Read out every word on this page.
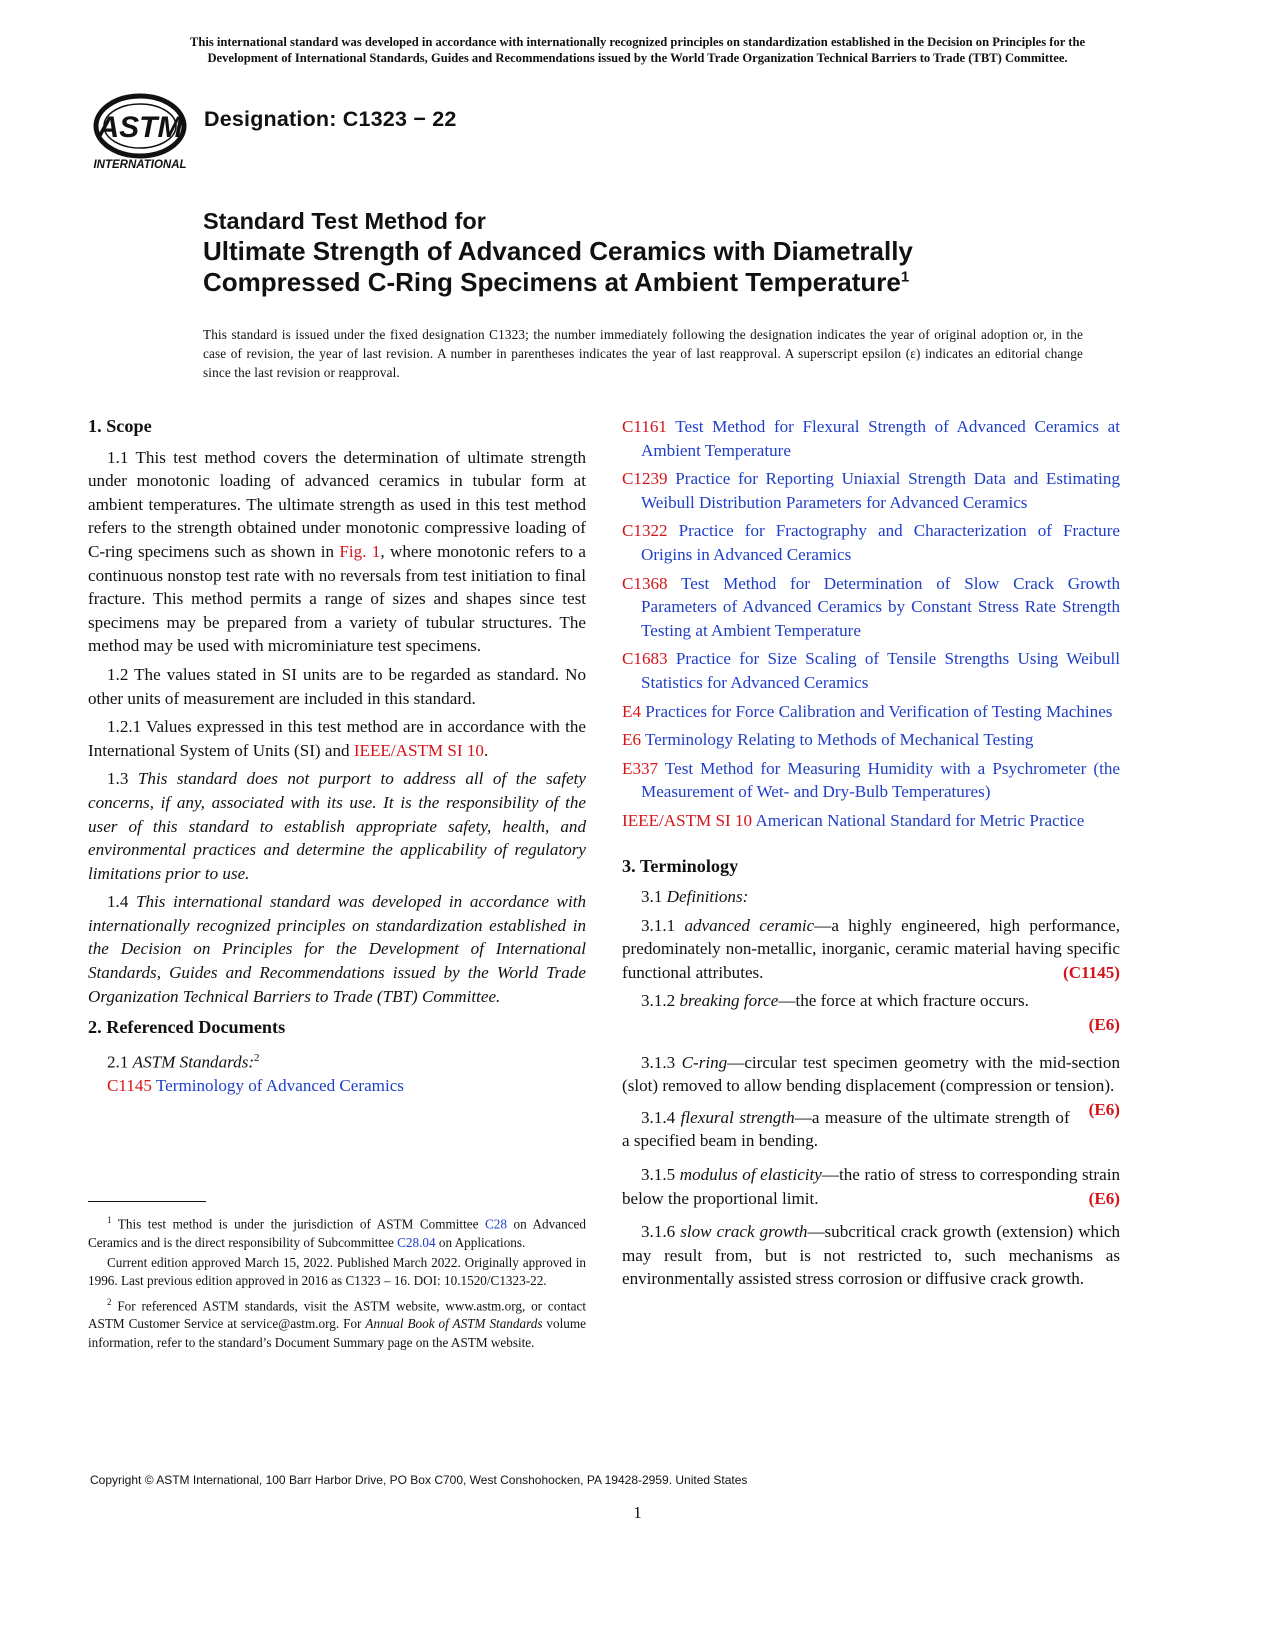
This international standard was developed in accordance with internationally recognized principles on standardization established in the Decision on Principles for the
Development of International Standards, Guides and Recommendations issued by the World Trade Organization Technical Barriers to Trade (TBT) Committee.
ASTM
INTERNATIONAL
Designation: C1323 − 22
Standard Test Method for
Ultimate Strength of Advanced Ceramics with Diametrally
Compressed C-Ring Specimens at Ambient Temperature$^1$
This standard is issued under the fixed designation C1323; the number immediately following the designation indicates the year of original adoption or, in the case of revision, the year of last revision. A number in parentheses indicates the year of last reapproval. A superscript epsilon (ε) indicates an editorial change since the last revision or reapproval.
1. Scope

1.1 This test method covers the determination of ultimate strength under monotonic loading of advanced ceramics in tubular form at ambient temperatures. The ultimate strength as used in this test method refers to the strength obtained under monotonic compressive loading of C-ring specimens such as shown in Fig. 1, where monotonic refers to a continuous nonstop test rate with no reversals from test initiation to final fracture. This method permits a range of sizes and shapes since test specimens may be prepared from a variety of tubular structures. The method may be used with microminiature test specimens.

1.2 The values stated in SI units are to be regarded as standard. No other units of measurement are included in this standard.

1.2.1 Values expressed in this test method are in accordance with the International System of Units (SI) and IEEE/ASTM SI 10.

1.3 This standard does not purport to address all of the safety concerns, if any, associated with its use. It is the responsibility of the user of this standard to establish appropriate safety, health, and environmental practices and determine the applicability of regulatory limitations prior to use.

1.4 This international standard was developed in accordance with internationally recognized principles on standardization established in the Decision on Principles for the Development of International Standards, Guides and Recommendations issued by the World Trade Organization Technical Barriers to Trade (TBT) Committee.

2. Referenced Documents

2.1 ASTM Standards:$^2$

C1145 Terminology of Advanced Ceramics

$^1$ This test method is under the jurisdiction of ASTM Committee C28 on Advanced Ceramics and is the direct responsibility of Subcommittee C28.04 on Applications.

Current edition approved March 15, 2022. Published March 2022. Originally approved in 1996. Last previous edition approved in 2016 as C1323 – 16. DOI: 10.1520/C1323-22.

$^2$ For referenced ASTM standards, visit the ASTM website, www.astm.org, or contact ASTM Customer Service at service@astm.org. For Annual Book of ASTM Standards volume information, refer to the standard’s Document Summary page on the ASTM website.

C1161 Test Method for Flexural Strength of Advanced Ceramics at Ambient Temperature

C1239 Practice for Reporting Uniaxial Strength Data and Estimating Weibull Distribution Parameters for Advanced Ceramics

C1322 Practice for Fractography and Characterization of Fracture Origins in Advanced Ceramics

C1368 Test Method for Determination of Slow Crack Growth Parameters of Advanced Ceramics by Constant Stress Rate Strength Testing at Ambient Temperature

C1683 Practice for Size Scaling of Tensile Strengths Using Weibull Statistics for Advanced Ceramics

E4 Practices for Force Calibration and Verification of Testing Machines

E6 Terminology Relating to Methods of Mechanical Testing

E337 Test Method for Measuring Humidity with a Psychrometer (the Measurement of Wet- and Dry-Bulb Temperatures)

IEEE/ASTM SI 10 American National Standard for Metric Practice

3. Terminology

3.1 Definitions:

3.1.1 advanced ceramic—a highly engineered, high performance, predominately non-metallic, inorganic, ceramic material having specific functional attributes.	(C1145)

3.1.2 breaking force—the force at which fracture occurs.

(E6)

3.1.3 C-ring—circular test specimen geometry with the mid-section (slot) removed to allow bending displacement (compression or tension).
(E6)

3.1.4 flexural strength—a measure of the ultimate strength of a specified beam in bending.

3.1.5 modulus of elasticity—the ratio of stress to corresponding strain below the proportional limit.	(E6)

3.1.6 slow crack growth—subcritical crack growth (extension) which may result from, but is not restricted to, such mechanisms as environmentally assisted stress corrosion or diffusive crack growth.

Copyright © ASTM International, 100 Barr Harbor Drive, PO Box C700, West Conshohocken, PA 19428-2959. United States
1
